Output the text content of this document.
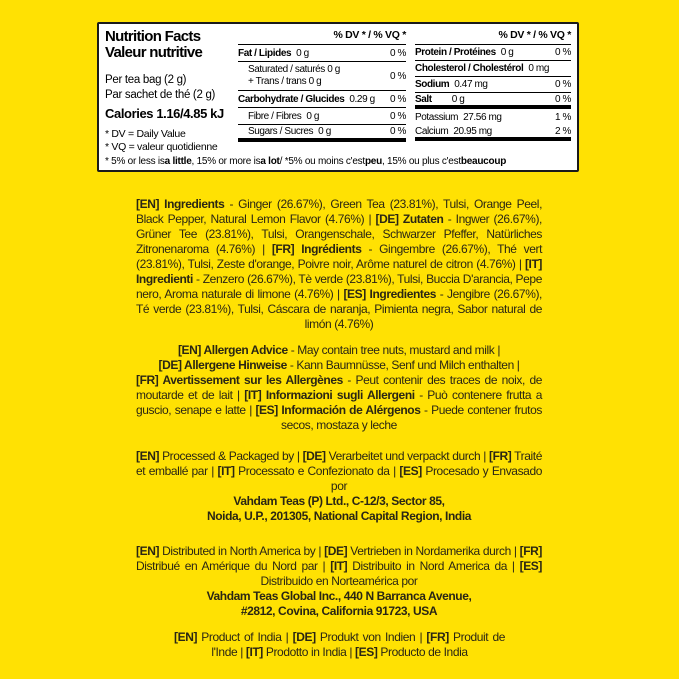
Nutrition Facts
Valeur nutritive
Per tea bag (2 g)
Par sachet de thé (2 g)
Calories 1.16/4.85 kJ
* DV = Daily Value
* VQ = valeur quotidienne
% DV * / % VQ *
Fat / Lipides 0 g	0 %
Saturated / saturés 0 g
+ Trans / trans 0 g	0 %
Carbohydrate / Glucides 0.29 g 0 %
Fibre / Fibres 0 g	0 %
Sugars / Sucres 0 g	0 %
% DV * / % VQ *
Protein / Protéines 0 g	0 %
Cholesterol / Cholestérol 0 mg
Sodium 0.47 mg	0 %
Salt 0 g	0 %
Potassium 27.56 mg	1 %
Calcium 20.95 mg	2 %
* 5% or less is a little , 15% or more is a lot / *5% ou moins c'est peu , 15% ou plus c'est beaucoup
[EN] Ingredients - Ginger (26.67%), Green Tea (23.81%), Tulsi, Orange Peel, Black Pepper, Natural Lemon Flavor (4.76%) | [DE] Zutaten - Ingwer (26.67%), Grüner Tee (23.81%), Tulsi, Orangenschale, Schwarzer Pfeffer, Natürliches Zitronenaroma (4.76%) | [FR] Ingrédients - Gingembre (26.67%), Thé vert (23.81%), Tulsi, Zeste d'orange, Poivre noir, Arôme naturel de citron (4.76%) | [IT] Ingredienti - Zenzero (26.67%), Tè verde (23.81%), Tulsi, Buccia D'arancia, Pepe nero, Aroma naturale di limone (4.76%) | [ES] Ingredientes - Jengibre (26.67%), Té verde (23.81%), Tulsi, Cáscara de naranja, Pimienta negra, Sabor natural de limón (4.76%)
[EN] Allergen Advice - May contain tree nuts, mustard and milk |
[DE] Allergene Hinweise - Kann Baumnüsse, Senf und Milch enthalten |
[FR] Avertissement sur les Allergènes - Peut contenir des traces de noix, de moutarde et de lait | [IT] Informazioni sugli Allergeni - Può contenere frutta a guscio, senape e latte | [ES] Información de Alérgenos - Puede contener frutos secos, mostaza y leche
[EN] Processed & Packaged by | [DE] Verarbeitet und verpackt durch | [FR] Traité et emballé par | [IT] Processato e Confezionato da | [ES] Procesado y Envasado por
Vahdam Teas (P) Ltd., C-12/3, Sector 85,
Noida, U.P., 201305, National Capital Region, India
[EN] Distributed in North America by | [DE] Vertrieben in Nordamerika durch | [FR] Distribué en Amérique du Nord par | [IT] Distribuito in Nord America da | [ES] Distribuido en Norteamérica por
Vahdam Teas Global Inc., 440 N Barranca Avenue,
#2812, Covina, California 91723, USA
[EN] Product of India | [DE] Produkt von Indien | [FR] Produit de l'Inde | [IT] Prodotto in India | [ES] Producto de India
